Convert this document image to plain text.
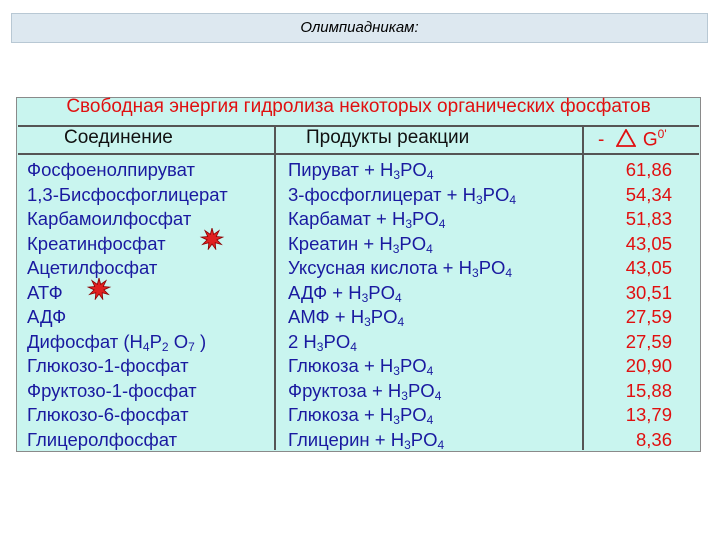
Олимпиадникам:
Свободная энергия гидролиза некоторых органических фосфатов
Соединение	Продукты реакции	- $G^{0'}$
Фосфоенолпируват
1,3-Бисфосфоглицерат
Карбамоилфосфат
Креатинфосфат
Ацетилфосфат
АТФ
АДФ
Дифосфат ($H_4P_2$ $O_7$ )
Глюкозо-1-фосфат
Фруктозо-1-фосфат
Глюкозо-6-фосфат
Глицеролфосфат
Пируват + $H_3PO_4$
3-фосфоглицерат + $H_3PO_4$
Карбамат + $H_3PO_4$
Креатин + $H_3PO_4$
Уксусная кислота + $H_3PO_4$
АДФ + $H_3PO_4$
АМФ + $H_3PO_4$
2 $H_3PO_4$
Глюкоза + $H_3PO_4$
Фруктоза + $H_3PO_4$
Глюкоза + $H_3PO_4$
Глицерин + $H_3PO_4$
61,86
54,34
51,83
43,05
43,05
30,51
27,59
27,59
20,90
15,88
13,79
8,36
